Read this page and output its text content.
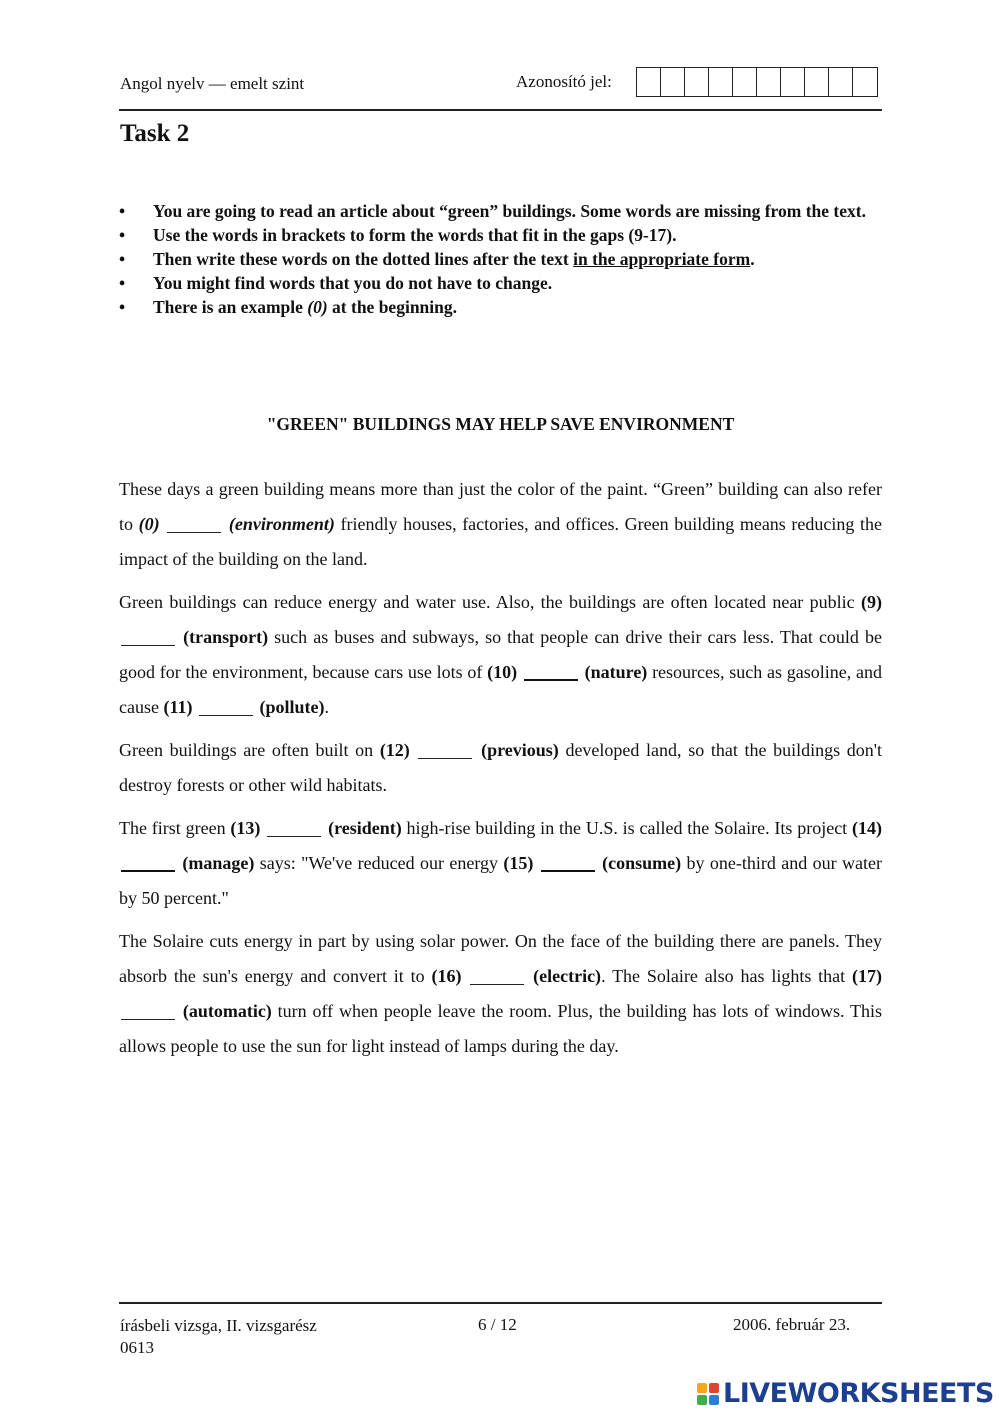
Angol nyelv — emelt szint	Azonosító jel:
Task 2
• You are going to read an article about “green” buildings. Some words are missing from the text.
• Use the words in brackets to form the words that fit in the gaps (9-17).
• Then write these words on the dotted lines after the text in the appropriate form.
• You might find words that you do not have to change.
• There is an example (0) at the beginning.
"GREEN" BUILDINGS MAY HELP SAVE ENVIRONMENT

These days a green building means more than just the color of the paint. “Green” building can also refer to (0)	(environment) friendly houses, factories, and offices. Green building means reducing the impact of the building on the land.

Green buildings can reduce energy and water use. Also, the buildings are often located near public (9)  (transport) such as buses and subways, so that people can drive their cars less. That could be good for the environment, because cars use lots of (10)	(nature) resources, such as gasoline, and cause (11)	(pollute).

Green buildings are often built on (12)	(previous) developed land, so that the buildings don't destroy forests or other wild habitats.

The first green (13)	(resident) high-rise building in the U.S. is called the Solaire. Its project (14)  (manage) says: "We've reduced our energy (15)	(consume) by one-third and our water by 50 percent."

The Solaire cuts energy in part by using solar power. On the face of the building there are panels. They absorb the sun's energy and convert it to (16)	(electric). The Solaire also has lights that (17)  (automatic) turn off when people leave the room. Plus, the building has lots of windows. This allows people to use the sun for light instead of lamps during the day.

írásbeli vizsga, II. vizsgarész
0613
6 / 12	2006. február 23.
LIVEWORKSHEETS
